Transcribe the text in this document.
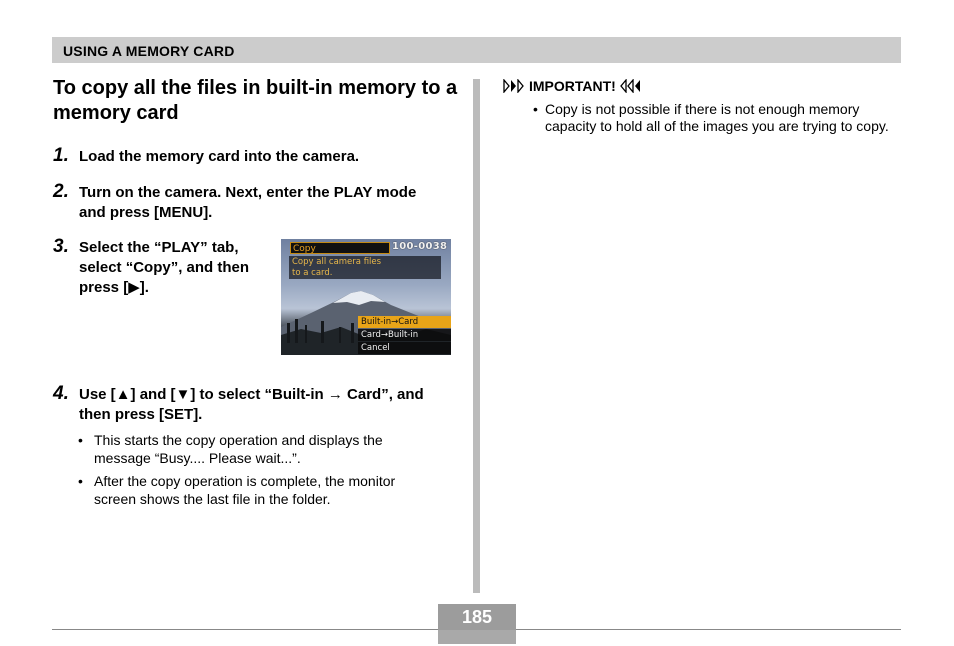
USING A MEMORY CARD
To copy all the files in built-in memory to a memory card
1. Load the memory card into the camera.
2. Turn on the camera. Next, enter the PLAY mode and press [MENU].
3. Select the “PLAY” tab, select “Copy”, and then press [▶].
Copy	100-0038
Copy all camera files
to a card.
Built-in→Card
Card→Built-in
Cancel
4. Use [▲] and [▼] to select “Built-in → Card”, and then press [SET].
• This starts the copy operation and displays the message “Busy.... Please wait...”.
• After the copy operation is complete, the monitor screen shows the last file in the folder.
IMPORTANT!
• Copy is not possible if there is not enough memory capacity to hold all of the images you are trying to copy.
185
